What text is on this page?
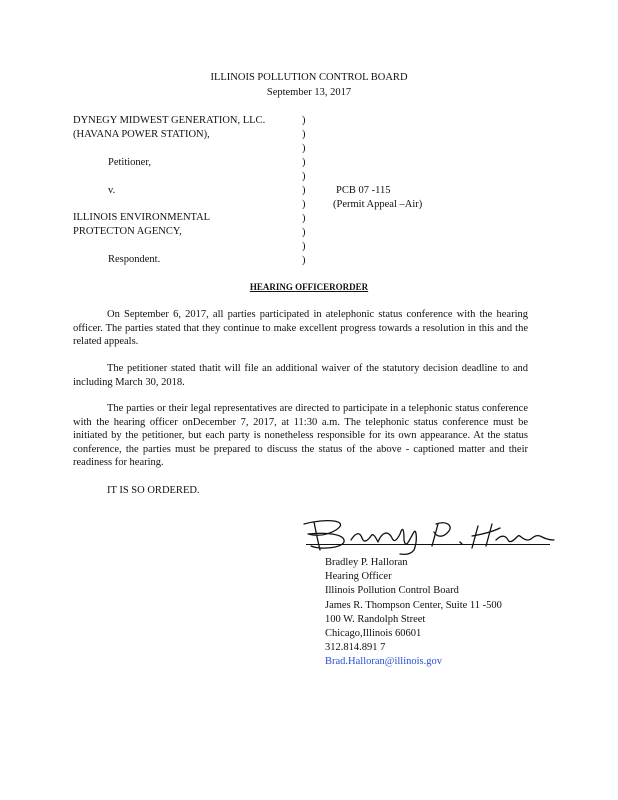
ILLINOIS POLLUTION CONTROL BOARD
September 13, 2017
DYNEGY MIDWEST GENERATION, LLC.
(HAVANA POWER STATION),
Petitioner,
v.
ILLINOIS ENVIRONMENTAL
PROTECTON AGENCY,
Respondent.
)
)
)
)
)
)
)
)
)
)
)
PCB 07 -115
(Permit Appeal –Air)
HEARING OFFICERORDER
On September 6, 2017, all parties participated in atelephonic status conference with the hearing officer. The parties stated that they continue to make excellent progress towards a resolution in this and the related appeals.
The petitioner stated thatit will file an additional waiver of the statutory decision deadline to and including March 30, 2018.
The parties or their legal representatives are directed to participate in a telephonic status conference with the hearing officer onDecember 7, 2017, at 11:30 a.m. The telephonic status conference must be initiated by the petitioner, but each party is nonetheless responsible for its own appearance. At the status conference, the parties must be prepared to discuss the status of the above - captioned matter and their readiness for hearing.
IT IS SO ORDERED.
Bradley P. Halloran
Hearing Officer
Illinois Pollution Control Board
James R. Thompson Center, Suite 11 -500
100 W. Randolph Street
Chicago,Illinois 60601
312.814.891 7
Brad.Halloran@illinois.gov
